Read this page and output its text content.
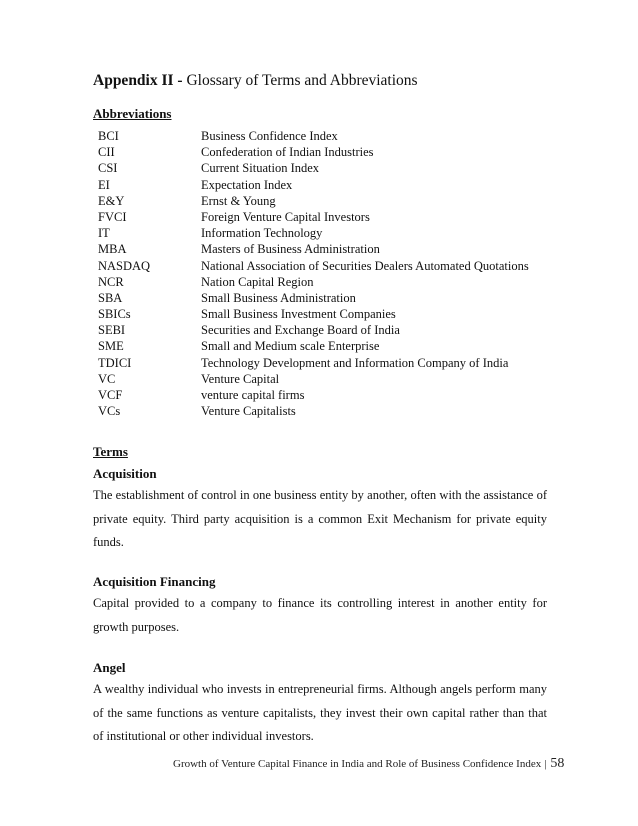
Appendix II - Glossary of Terms and Abbreviations
Abbreviations
BCI	Business Confidence Index
CII	Confederation of Indian Industries
CSI	Current Situation Index
EI	Expectation Index
E&Y	Ernst & Young
FVCI	Foreign Venture Capital Investors
IT	Information Technology
MBA	Masters of Business Administration
NASDAQ	National Association of Securities Dealers Automated Quotations
NCR	Nation Capital Region
SBA	Small Business Administration
SBICs	Small Business Investment Companies
SEBI	Securities and Exchange Board of India
SME	Small and Medium scale Enterprise
TDICI	Technology Development and Information Company of India
VC	Venture Capital
VCF	venture capital firms
VCs	Venture Capitalists
Terms
Acquisition
The establishment of control in one business entity by another, often with the assistance of private equity. Third party acquisition is a common Exit Mechanism for private equity funds.
Acquisition Financing
Capital provided to a company to finance its controlling interest in another entity for growth purposes.
Angel
A wealthy individual who invests in entrepreneurial firms. Although angels perform many of the same functions as venture capitalists, they invest their own capital rather than that of institutional or other individual investors.
Growth of Venture Capital Finance in India and Role of Business Confidence Index | 58
